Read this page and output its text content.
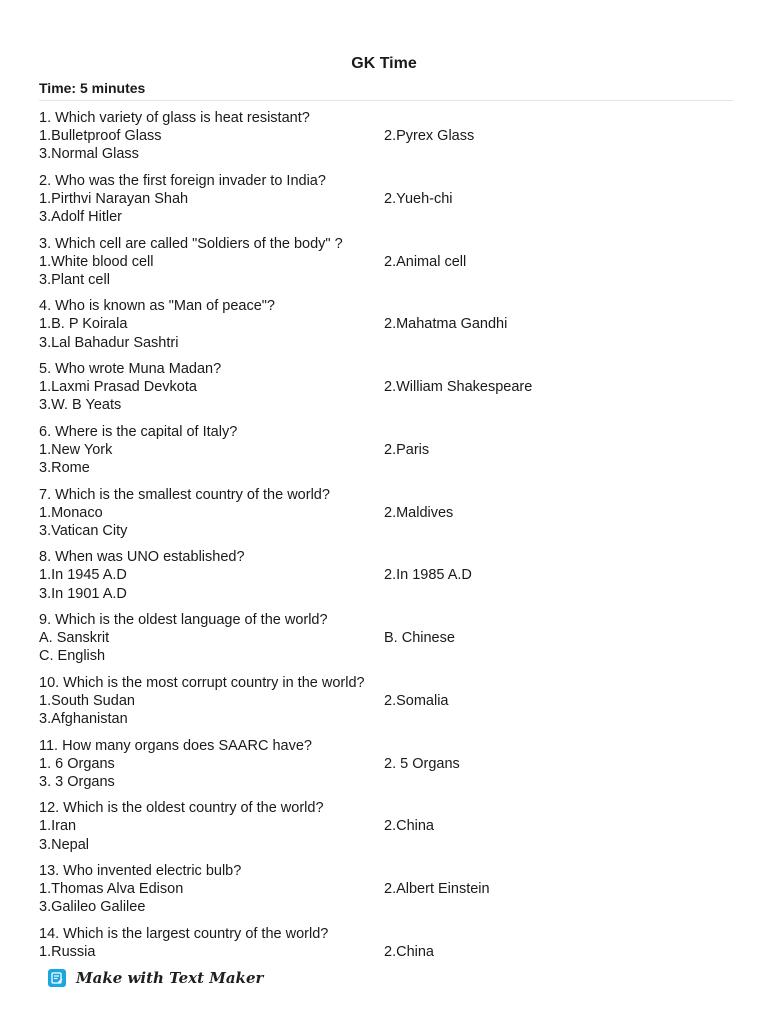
GK Time
Time: 5 minutes
1. Which variety of glass is heat resistant?
1.Bulletproof Glass	2.Pyrex Glass
3.Normal Glass
2. Who was the first foreign invader to India?
1.Pirthvi Narayan Shah	2.Yueh-chi
3.Adolf Hitler
3. Which cell are called "Soldiers of the body" ?
1.White blood cell	2.Animal cell
3.Plant cell
4. Who is known as "Man of peace"?
1.B. P Koirala	2.Mahatma Gandhi
3.Lal Bahadur Sashtri
5. Who wrote Muna Madan?
1.Laxmi Prasad Devkota	2.William Shakespeare
3.W. B Yeats
6. Where is the capital of Italy?
1.New York	2.Paris
3.Rome
7. Which is the smallest country of the world?
1.Monaco	2.Maldives
3.Vatican City
8. When was UNO established?
1.In 1945 A.D	2.In 1985 A.D
3.In 1901 A.D
9. Which is the oldest language of the world?
A. Sanskrit	B. Chinese
C. English
10. Which is the most corrupt country in the world?
1.South Sudan	2.Somalia
3.Afghanistan
11. How many organs does SAARC have?
1. 6 Organs	2. 5 Organs
3. 3 Organs
12. Which is the oldest country of the world?
1.Iran	2.China
3.Nepal
13. Who invented electric bulb?
1.Thomas Alva Edison	2.Albert Einstein
3.Galileo Galilee
14. Which is the largest country of the world?
1.Russia	2.China
Make with Text Maker
